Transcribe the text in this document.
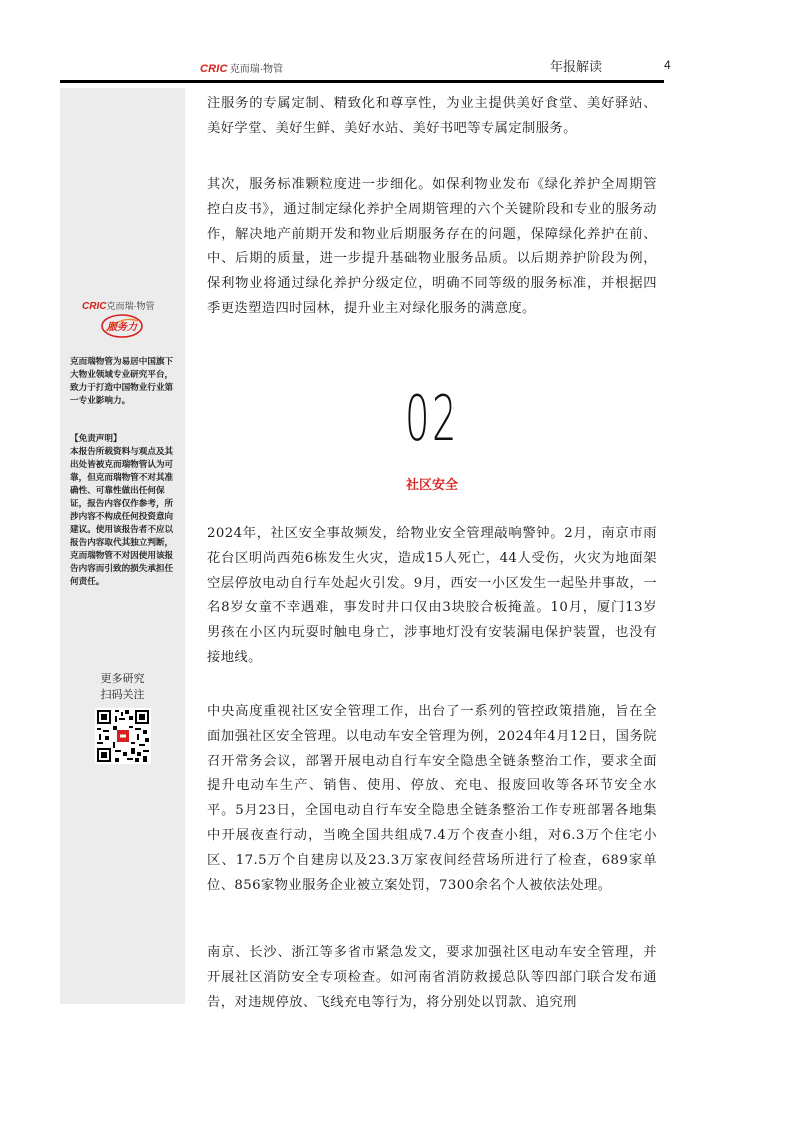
CRIC 克而瑞·物管	年报解读	4
CRIC克而瑞·物管
服务力
克而瑞物管为易居中国旗下大物业领域专业研究平台，致力于打造中国物业行业第一专业影响力。
【免责声明】
本报告所载资料与观点及其出处皆被克而瑞物管认为可靠，但克而瑞物管不对其准确性、可靠性做出任何保证，报告内容仅作参考，所涉内容不构成任何投资意向建议。使用该报告者不应以报告内容取代其独立判断，克而瑞物管不对因使用该报告内容而引致的损失承担任何责任。
更多研究
扫码关注

注服务的专属定制、精致化和尊享性，为业主提供美好食堂、美好驿站、美好学堂、美好生鲜、美好水站、美好书吧等专属定制服务。

其次，服务标准颗粒度进一步细化。如保利物业发布《绿化养护全周期管控白皮书》，通过制定绿化养护全周期管理的六个关键阶段和专业的服务动作，解决地产前期开发和物业后期服务存在的问题，保障绿化养护在前、中、后期的质量，进一步提升基础物业服务品质。以后期养护阶段为例，保利物业将通过绿化养护分级定位，明确不同等级的服务标准，并根据四季更迭塑造四时园林，提升业主对绿化服务的满意度。

02
社区安全

2024年，社区安全事故频发，给物业安全管理敲响警钟。2月，南京市雨花台区明尚西苑6栋发生火灾，造成15人死亡，44人受伤，火灾为地面架空层停放电动自行车处起火引发。9月，西安一小区发生一起坠井事故，一名8岁女童不幸遇难，事发时井口仅由3块胶合板掩盖。10月，厦门13岁男孩在小区内玩耍时触电身亡，涉事地灯没有安装漏电保护装置，也没有接地线。

中央高度重视社区安全管理工作，出台了一系列的管控政策措施，旨在全面加强社区安全管理。以电动车安全管理为例，2024年4月12日，国务院召开常务会议，部署开展电动自行车安全隐患全链条整治工作，要求全面提升电动车生产、销售、使用、停放、充电、报废回收等各环节安全水平。5月23日，全国电动自行车安全隐患全链条整治工作专班部署各地集中开展夜查行动，当晚全国共组成7.4万个夜查小组，对6.3万个住宅小区、17.5万个自建房以及23.3万家夜间经营场所进行了检查，689家单位、856家物业服务企业被立案处罚，7300余名个人被依法处理。

南京、长沙、浙江等多省市紧急发文，要求加强社区电动车安全管理，并开展社区消防安全专项检查。如河南省消防救援总队等四部门联合发布通告，对违规停放、飞线充电等行为，将分别处以罚款、追究刑
